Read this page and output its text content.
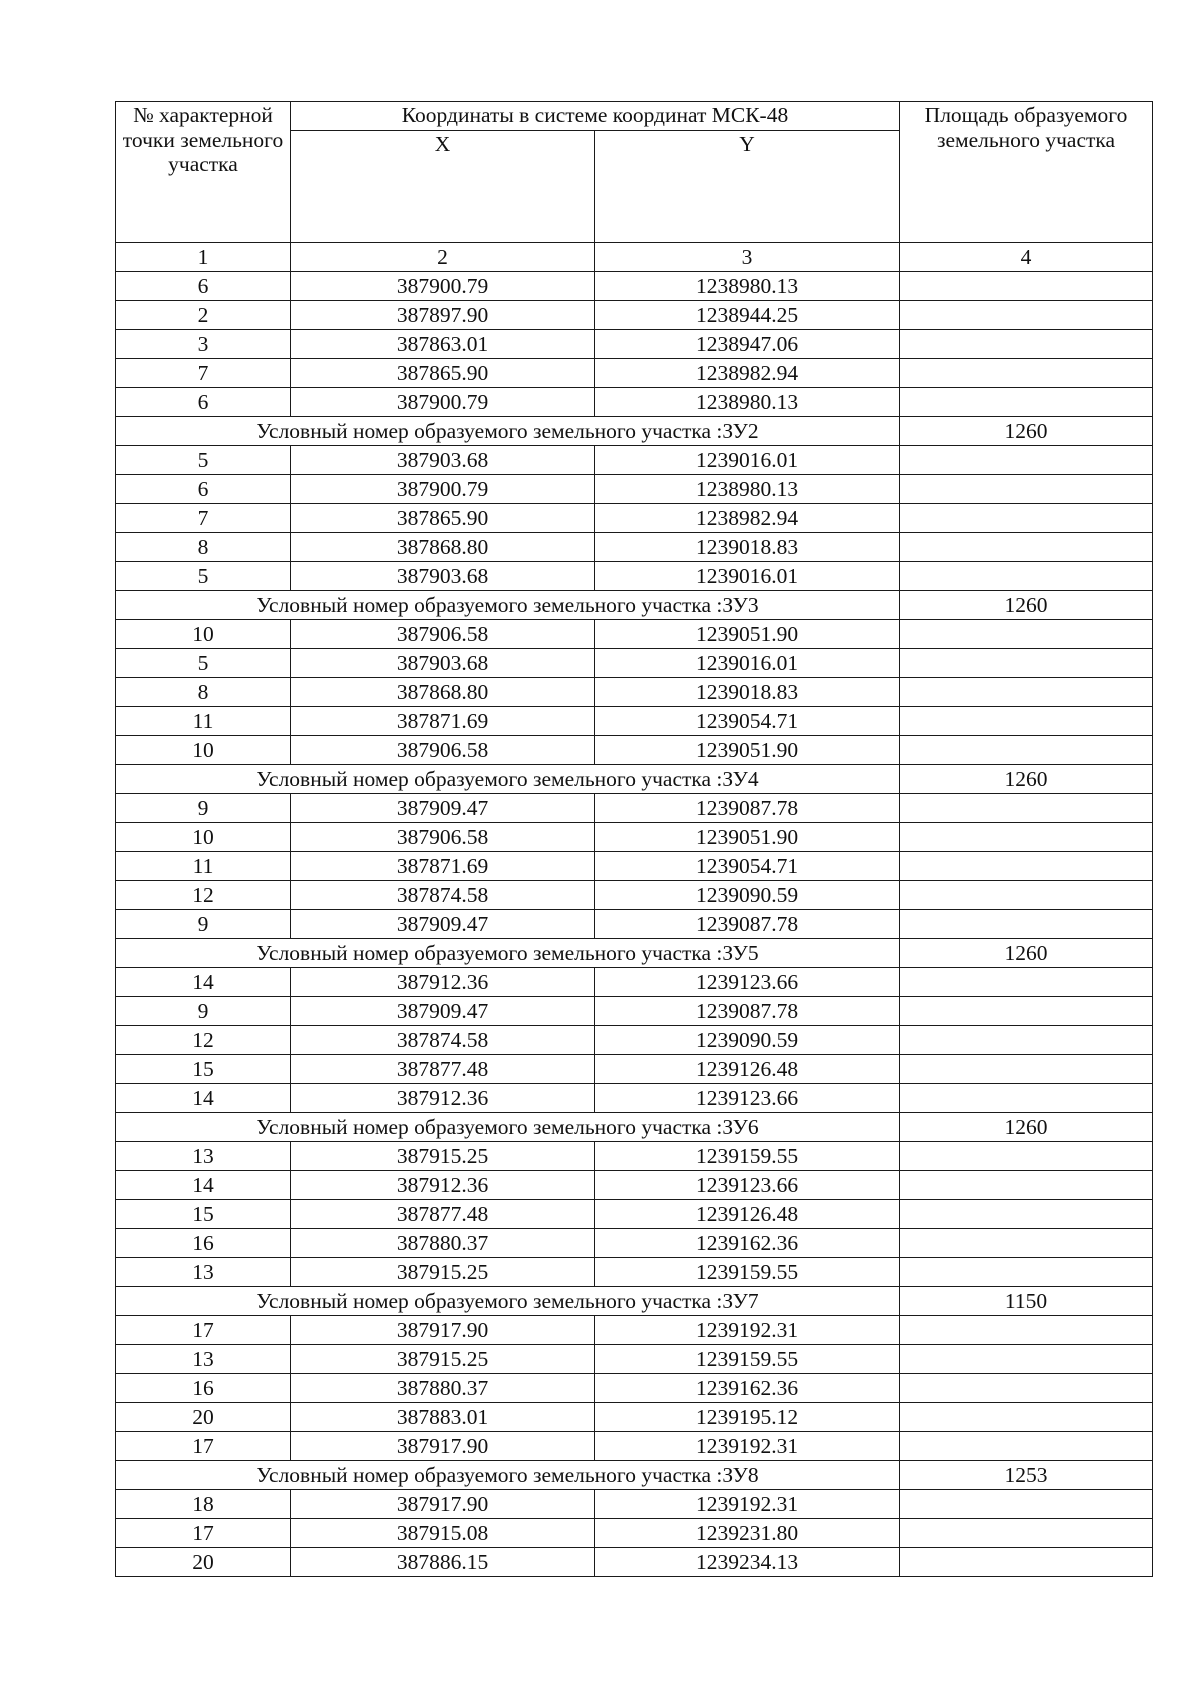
№ характерной точки земельного участка	Координаты в системе координат МСК-48		Площадь образуемого земельного участка

	X	Y	
1	2	3	4
6	387900.79	1238980.13	
2	387897.90	1238944.25	
3	387863.01	1238947.06	
7	387865.90	1238982.94	
6	387900.79	1238980.13	
Условный номер образуемого земельного участка :ЗУ2			1260
5	387903.68	1239016.01	
6	387900.79	1238980.13	
7	387865.90	1238982.94	
8	387868.80	1239018.83	
5	387903.68	1239016.01	
Условный номер образуемого земельного участка :ЗУ3			1260
10	387906.58	1239051.90	
5	387903.68	1239016.01	
8	387868.80	1239018.83	
11	387871.69	1239054.71	
10	387906.58	1239051.90	
Условный номер образуемого земельного участка :ЗУ4			1260
9	387909.47	1239087.78	
10	387906.58	1239051.90	
11	387871.69	1239054.71	
12	387874.58	1239090.59	
9	387909.47	1239087.78	
Условный номер образуемого земельного участка :ЗУ5			1260
14	387912.36	1239123.66	
9	387909.47	1239087.78	
12	387874.58	1239090.59	
15	387877.48	1239126.48	
14	387912.36	1239123.66	
Условный номер образуемого земельного участка :ЗУ6			1260
13	387915.25	1239159.55	
14	387912.36	1239123.66	
15	387877.48	1239126.48	
16	387880.37	1239162.36	
13	387915.25	1239159.55	
Условный номер образуемого земельного участка :ЗУ7			1150
17	387917.90	1239192.31	
13	387915.25	1239159.55	
16	387880.37	1239162.36	
20	387883.01	1239195.12	
17	387917.90	1239192.31	
Условный номер образуемого земельного участка :ЗУ8			1253
18	387917.90	1239192.31	
17	387915.08	1239231.80	
20	387886.15	1239234.13	
